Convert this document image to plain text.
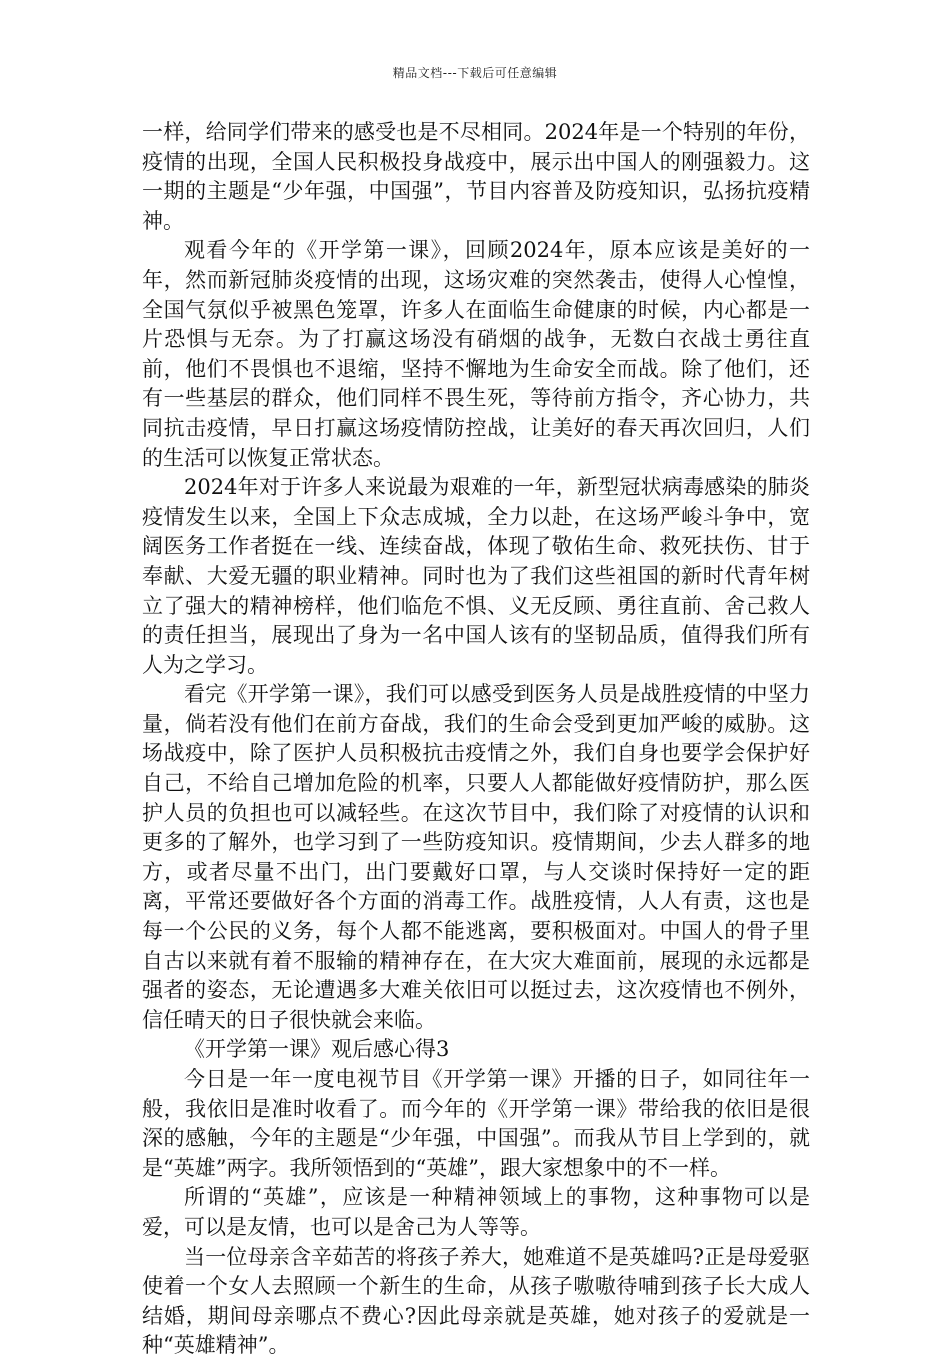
精品文档---下载后可任意编辑

一样，给同学们带来的感受也是不尽相同。2024年是一个特别的年份，疫情的出现，全国人民积极投身战疫中，展示出中国人的刚强毅力。这一期的主题是“少年强，中国强”，节目内容普及防疫知识，弘扬抗疫精神。

观看今年的《开学第一课》，回顾2024年，原本应该是美好的一年，然而新冠肺炎疫情的出现，这场灾难的突然袭击，使得人心惶惶，全国气氛似乎被黑色笼罩，许多人在面临生命健康的时候，内心都是一片恐惧与无奈。为了打赢这场没有硝烟的战争，无数白衣战士勇往直前，他们不畏惧也不退缩，坚持不懈地为生命安全而战。除了他们，还有一些基层的群众，他们同样不畏生死，等待前方指令，齐心协力，共同抗击疫情，早日打赢这场疫情防控战，让美好的春天再次回归，人们的生活可以恢复正常状态。

2024年对于许多人来说最为艰难的一年，新型冠状病毒感染的肺炎疫情发生以来，全国上下众志成城，全力以赴，在这场严峻斗争中，宽阔医务工作者挺在一线、连续奋战，体现了敬佑生命、救死扶伤、甘于奉献、大爱无疆的职业精神。同时也为了我们这些祖国的新时代青年树立了强大的精神榜样，他们临危不惧、义无反顾、勇往直前、舍己救人的责任担当，展现出了身为一名中国人该有的坚韧品质，值得我们所有人为之学习。

看完《开学第一课》，我们可以感受到医务人员是战胜疫情的中坚力量，倘若没有他们在前方奋战，我们的生命会受到更加严峻的威胁。这场战疫中，除了医护人员积极抗击疫情之外，我们自身也要学会保护好自己，不给自己增加危险的机率，只要人人都能做好疫情防护，那么医护人员的负担也可以减轻些。在这次节目中，我们除了对疫情的认识和更多的了解外，也学习到了一些防疫知识。疫情期间，少去人群多的地方，或者尽量不出门，出门要戴好口罩，与人交谈时保持好一定的距离，平常还要做好各个方面的消毒工作。战胜疫情，人人有责，这也是每一个公民的义务，每个人都不能逃离，要积极面对。中国人的骨子里自古以来就有着不服输的精神存在，在大灾大难面前，展现的永远都是强者的姿态，无论遭遇多大难关依旧可以挺过去，这次疫情也不例外，信任晴天的日子很快就会来临。

《开学第一课》观后感心得3

今日是一年一度电视节目《开学第一课》开播的日子，如同往年一般，我依旧是准时收看了。而今年的《开学第一课》带给我的依旧是很深的感触，今年的主题是“少年强，中国强”。而我从节目上学到的，就是“英雄”两字。我所领悟到的“英雄”，跟大家想象中的不一样。

所谓的“英雄”，应该是一种精神领域上的事物，这种事物可以是爱，可以是友情，也可以是舍己为人等等。

当一位母亲含辛茹苦的将孩子养大，她难道不是英雄吗?正是母爱驱使着一个女人去照顾一个新生的生命，从孩子嗷嗷待哺到孩子长大成人结婚，期间母亲哪点不费心?因此母亲就是英雄，她对孩子的爱就是一种“英雄精神”。
